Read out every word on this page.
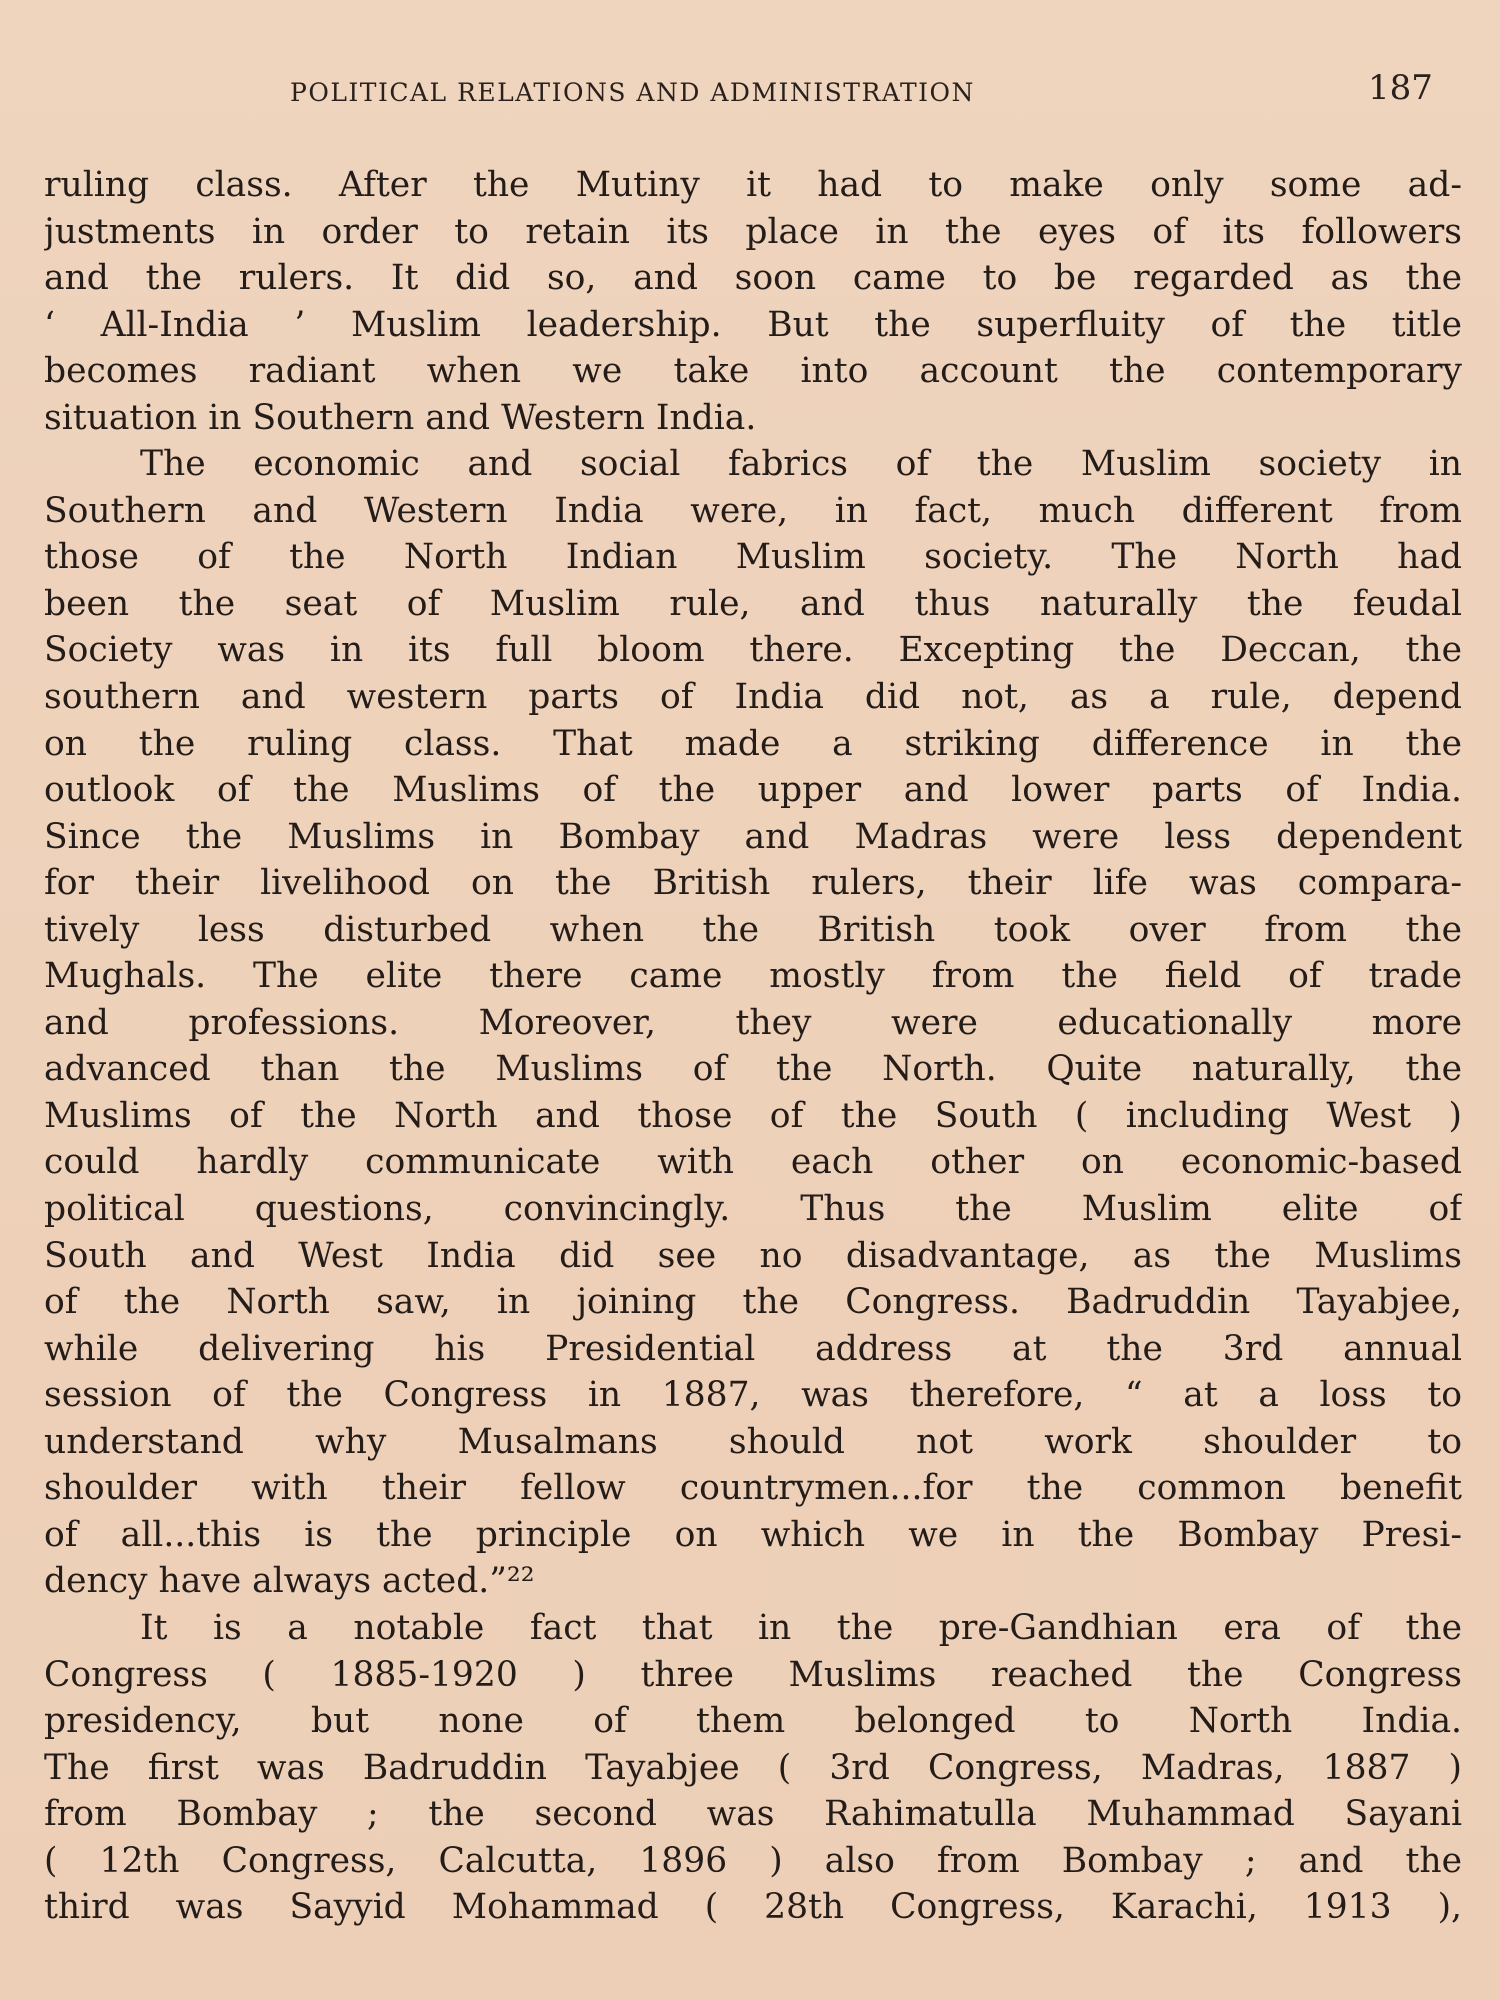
POLITICAL RELATIONS AND ADMINISTRATION	187
ruling class. After the Mutiny it had to make only some ad-
justments in order to retain its place in the eyes of its followers
and the rulers. It did so, and soon came to be regarded as the
‘ All-India ’ Muslim leadership. But the superfluity of the title
becomes radiant when we take into account the contemporary
situation in Southern and Western India.
The economic and social fabrics of the Muslim society in
Southern and Western India were, in fact, much different from
those of the North Indian Muslim society. The North had
been the seat of Muslim rule, and thus naturally the feudal
Society was in its full bloom there. Excepting the Deccan, the
southern and western parts of India did not, as a rule, depend
on the ruling class. That made a striking difference in the
outlook of the Muslims of the upper and lower parts of India.
Since the Muslims in Bombay and Madras were less dependent
for their livelihood on the British rulers, their life was compara-
tively less disturbed when the British took over from the
Mughals. The elite there came mostly from the field of trade
and professions. Moreover, they were educationally more
advanced than the Muslims of the North. Quite naturally, the
Muslims of the North and those of the South ( including West )
could hardly communicate with each other on economic-based
political questions, convincingly. Thus the Muslim elite of
South and West India did see no disadvantage, as the Muslims
of the North saw, in joining the Congress. Badruddin Tayabjee,
while delivering his Presidential address at the 3rd annual
session of the Congress in 1887, was therefore, “ at a loss to
understand why Musalmans should not work shoulder to
shoulder with their fellow countrymen...for the common benefit
of all...this is the principle on which we in the Bombay Presi-
dency have always acted.”²²
It is a notable fact that in the pre-Gandhian era of the
Congress ( 1885-1920 ) three Muslims reached the Congress
presidency, but none of them belonged to North India.
The first was Badruddin Tayabjee ( 3rd Congress, Madras, 1887 )
from Bombay ; the second was Rahimatulla Muhammad Sayani
( 12th Congress, Calcutta, 1896 ) also from Bombay ; and the
third was Sayyid Mohammad ( 28th Congress, Karachi, 1913 ),
